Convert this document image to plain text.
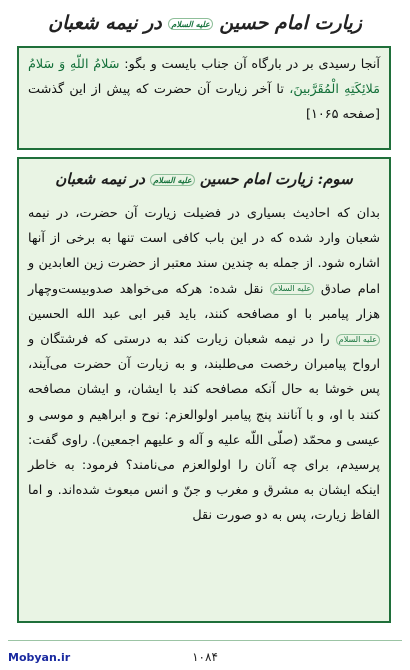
زیارت امام حسین عليه السلام در نیمه شعبان
آنجا رسیدی بر در بارگاه آن جناب بایست و بگو: سَلامُ اللّهِ وَ سَلامُ مَلائِكَتِهِ الْمُقَرَّبینَ، تا آخر زیارت آن حضرت كه پیش از این گذشت [صفحه ۱۰۶۵]
سوم: زیارت امام حسین عليه السلام در نیمه شعبان
بدان كه احادیث بسیاری در فضیلت زیارت آن حضرت، در نیمه شعبان وارد شده كه در این باب كافی است تنها به برخی از آنها اشاره شود. از جمله به چندین سند معتبر از حضرت زین العابدین و امام صادق عليه السلام نقل شده: هركه می‌خواهد صدوبیست‌وچهار هزار پیامبر با او مصافحه كنند، باید قبر ابی عبد الله الحسین عليه السلام را در نیمه شعبان زیارت كند به درستی كه فرشتگان و ارواح پیامبران رخصت می‌طلبند، و به زیارت آن حضرت می‌آیند، پس خوشا به حال آنكه مصافحه كند با ایشان، و ایشان مصافحه كنند با او، و با آنانند پنج پیامبر اولوالعزم: نوح و ابراهیم و موسی و عیسی و محمّد (صلّی اللّه علیه و آله و علیهم اجمعین). راوی گفت: پرسیدم، برای چه آنان را اولوالعزم می‌نامند؟ فرمود: به خاطر اینكه ایشان به مشرق و مغرب و جنّ و انس مبعوث شده‌اند. و اما الفاظ زیارت، پس به دو صورت نقل
Mobyan.ir	۱۰۸۴
